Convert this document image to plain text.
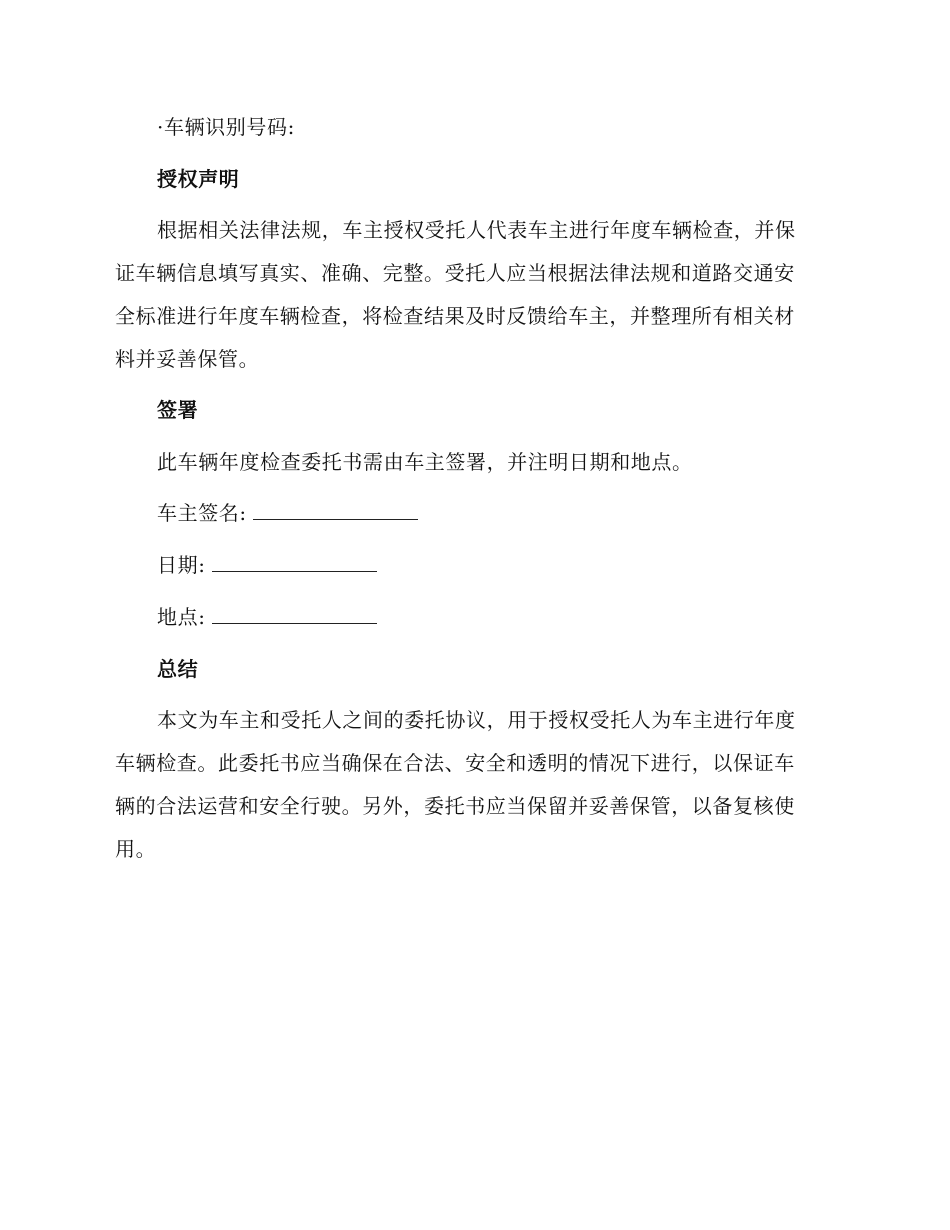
·车辆识别号码:
授权声明
根据相关法律法规，车主授权受托人代表车主进行年度车辆检查，并保
证车辆信息填写真实、准确、完整。受托人应当根据法律法规和道路交通安
全标准进行年度车辆检查，将检查结果及时反馈给车主，并整理所有相关材
料并妥善保管。
签署
此车辆年度检查委托书需由车主签署，并注明日期和地点。
车主签名:
日期:
地点:
总结
本文为车主和受托人之间的委托协议，用于授权受托人为车主进行年度
车辆检查。此委托书应当确保在合法、安全和透明的情况下进行，以保证车
辆的合法运营和安全行驶。另外，委托书应当保留并妥善保管，以备复核使
用。
